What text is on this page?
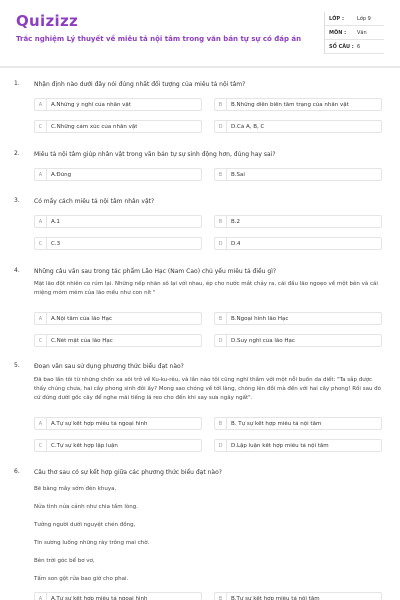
Quizizz
Trắc nghiệm Lý thuyết về miêu tả nội tâm trong văn bản tự sự có đáp án
LỚP :	Lớp 9
MÔN :	Văn
SỐ CÂU : 6
1. Nhận định nào dưới đây nói đúng nhất đối tượng của miêu tả nội tâm?
A	A.Những ý nghĩ của nhân vật	B	B.Những diễn biến tâm trạng của nhân vật
C	C.Những cảm xúc của nhân vật	D	D.Cả A, B, C
2. Miêu tả nội tâm giúp nhân vật trong văn bản tự sự sinh động hơn, đúng hay sai?
A	A.Đúng	B	B.Sai
3. Có mấy cách miêu tả nội tâm nhân vật?
A	A.1	B	B.2
C	C.3	D	D.4
4. Những câu văn sau trong tác phẩm Lão Hạc (Nam Cao) chủ yếu miêu tả điều gì?
Mặt lão đột nhiên co rúm lại. Những nếp nhăn xô lại với nhau, ép cho nước mắt chảy ra, cái đầu lão ngoẹo về một bên và cái miệng móm mém của lão mếu như con nít "
A	A.Nội tâm của lão Hạc	B	B.Ngoại hình lão Hạc
C	C.Nét mặt của lão Hạc	D	D.Suy nghĩ của lão Hạc
5. Đoạn văn sau sử dụng phương thức biểu đạt nào?
Đã bao lần tôi từ những chốn xa xôi trở về Ku-ku-rêu, và lần nào tôi cũng nghĩ thầm với một nỗi buồn da diết: "Ta sắp được thấy chúng chưa, hai cây phong sinh đôi ấy? Mong sao chóng về tới làng, chóng lên đồi mà đến với hai cây phong! Rồi sau đó cứ đứng dưới gốc cây để nghe mãi tiếng lá reo cho đến khi say sưa ngây ngất".
A	A.Tự sự kết hợp miêu tả ngoại hình	B	B. Tự sự kết hợp miêu tả nội tâm
C	C.Tự sự kết hợp lập luận	D	D.Lập luận kết hợp miêu tả nội tâm
6. Câu thơ sau có sự kết hợp giữa các phương thức biểu đạt nào?
Bẽ bàng mây sớm đèn khuya,
Nửa tình nửa cảnh như chia tấm lòng.
Tưởng người dưới nguyệt chén đồng,
Tin sương luống những rày trông mai chờ.
Bên trời góc bể bơ vơ,
Tấm son gột rửa bao giờ cho phai.
A	A.Tự sự kết hợp miêu tả ngoại hình	B	B.Tự sự kết hợp miêu tả nội tâm
